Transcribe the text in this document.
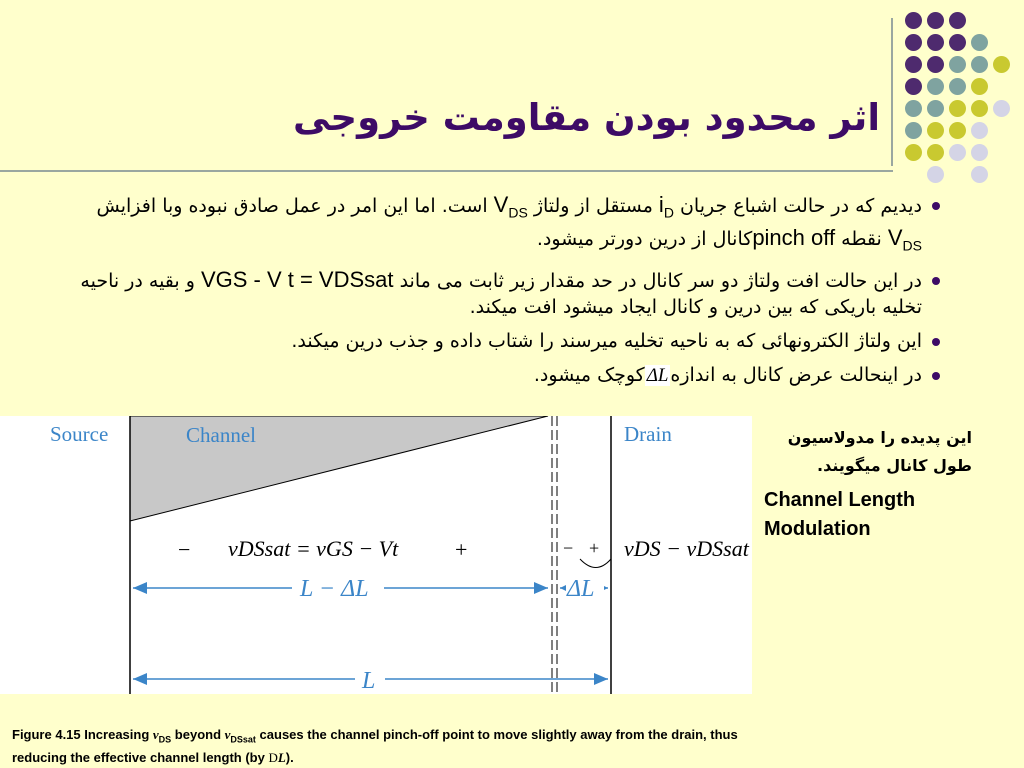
اثر محدود بودن مقاومت خروجی
دیدیم که در حالت اشباع جریان $i_D$ مستقل از ولتاژ $V_{DS}$ است. اما این امر در عمل صادق نبوده وبا افزایش $V_{DS}$ نقطه pinch offکانال از درین دورتر میشود.
در این حالت افت ولتاژ دو سر کانال در حد مقدار زیر ثابت می ماند VGS - V t = VDSsat و بقیه در ناحیه تخلیه باریکی که بین درین و کانال ایجاد میشود افت میکند.
این ولتاژ الکترونهائی که به ناحیه تخلیه میرسند را شتاب داده و جذب درین میکند.
در اینحالت عرض کانال به اندازهΔLکوچک میشود.
Source	Channel	Drain
− vDSsat = vGS − Vt	+	− + vDS − vDSsat
L − ΔL	ΔL
L
این پدیده را مدولاسیون طول کانال میگویند.
Channel Length Modulation
Figure 4.15 Increasing $v_{DS}$ beyond $v_{DSsat}$ causes the channel pinch-off point to move slightly away from the drain, thus reducing the effective channel length (by DL).
